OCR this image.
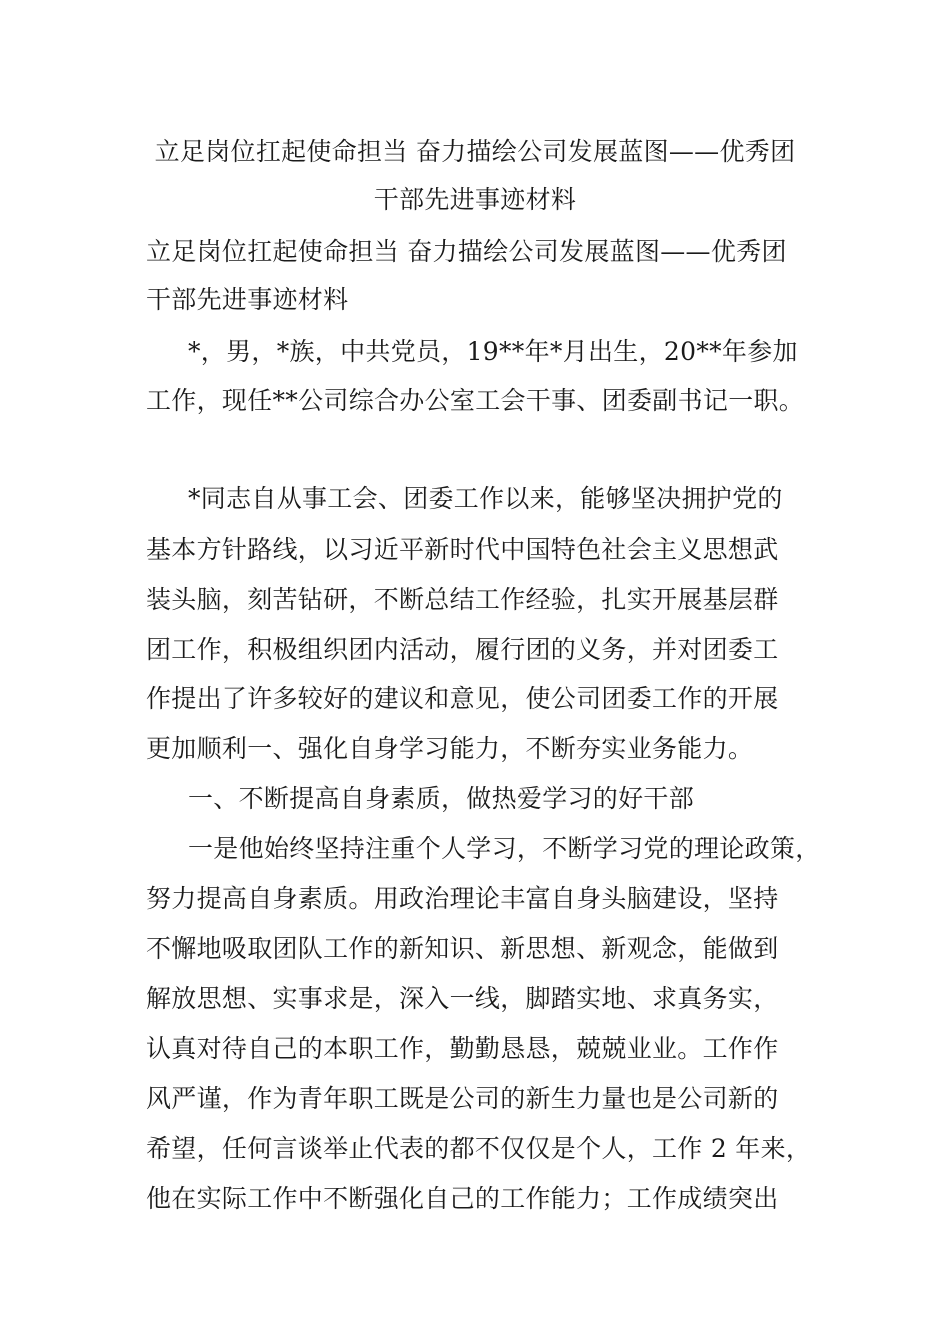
立足岗位扛起使命担当 奋力描绘公司发展蓝图——优秀团
干部先进事迹材料
立足岗位扛起使命担当 奋力描绘公司发展蓝图——优秀团
干部先进事迹材料
*，男，*族，中共党员，19**年*月出生，20**年参加
工作，现任**公司综合办公室工会干事、团委副书记一职。
*同志自从事工会、团委工作以来，能够坚决拥护党的
基本方针路线，以习近平新时代中国特色社会主义思想武
装头脑，刻苦钻研，不断总结工作经验，扎实开展基层群
团工作，积极组织团内活动，履行团的义务，并对团委工
作提出了许多较好的建议和意见，使公司团委工作的开展
更加顺利一、强化自身学习能力，不断夯实业务能力。
一、不断提高自身素质，做热爱学习的好干部
一是他始终坚持注重个人学习，不断学习党的理论政策，
努力提高自身素质。用政治理论丰富自身头脑建设，坚持
不懈地吸取团队工作的新知识、新思想、新观念，能做到
解放思想、实事求是，深入一线，脚踏实地、求真务实，
认真对待自己的本职工作，勤勤恳恳，兢兢业业。工作作
风严谨，作为青年职工既是公司的新生力量也是公司新的
希望，任何言谈举止代表的都不仅仅是个人，工作 2 年来，
他在实际工作中不断强化自己的工作能力；工作成绩突出
